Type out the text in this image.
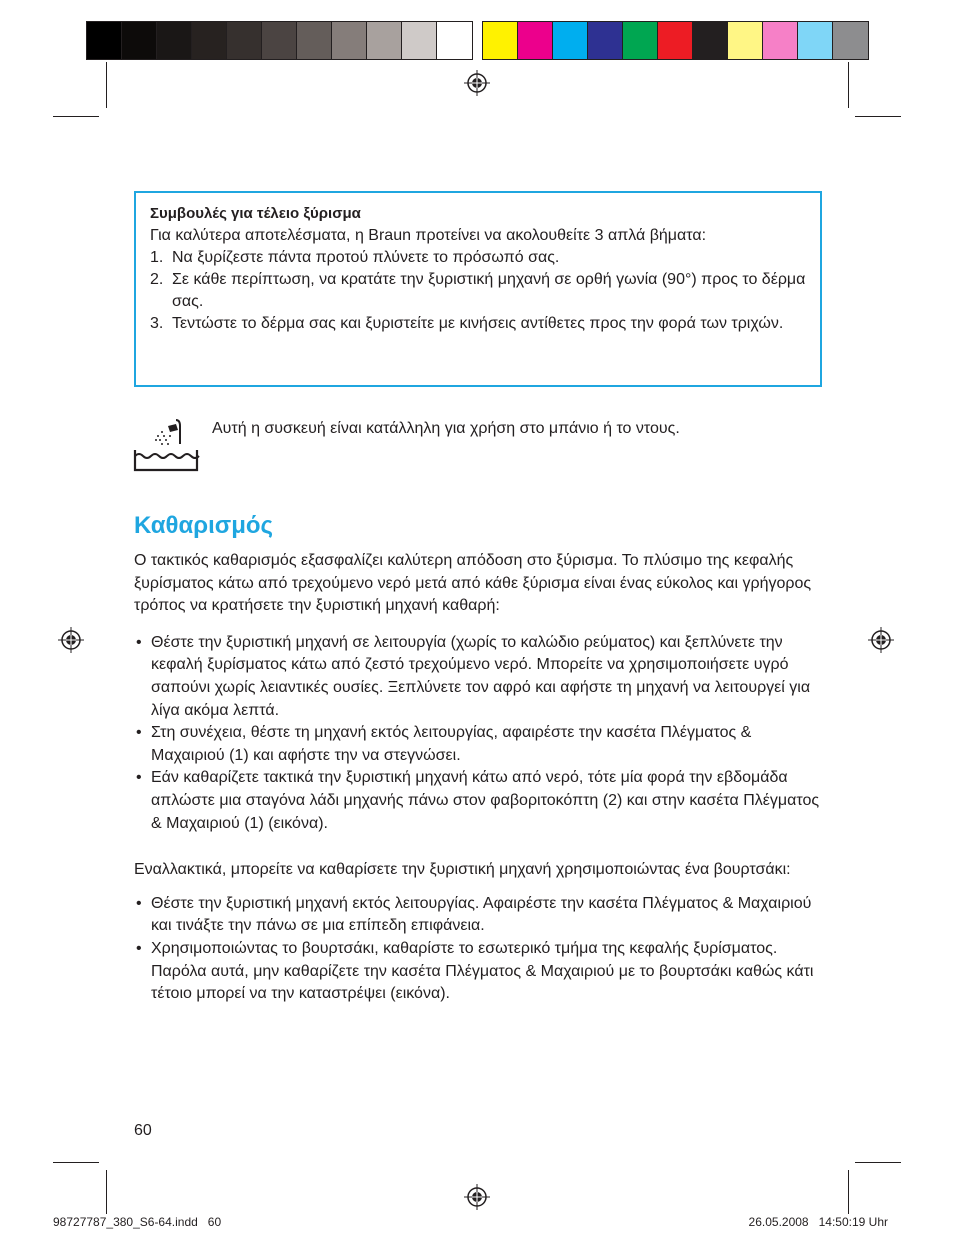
Συμβουλές για τέλειο ξύρισμα
Για καλύτερα αποτελέσματα, η Braun προτείνει να ακολουθείτε 3 απλά βήματα:
1. Να ξυρίζεστε πάντα προτού πλύνετε το πρόσωπό σας.
2. Σε κάθε περίπτωση, να κρατάτε την ξυριστική μηχανή σε ορθή γωνία (90°) προς το δέρμα σας.
3. Τεντώστε το δέρμα σας και ξυριστείτε με κινήσεις αντίθετες προς την φορά των τριχών.
Αυτή η συσκευή είναι κατάλληλη για χρήση στο μπάνιο ή το ντους.
Καθαρισμός

Ο τακτικός καθαρισμός εξασφαλίζει καλύτερη απόδοση στο ξύρισμα. Το πλύσιμο της κεφαλής ξυρίσματος κάτω από τρεχούμενο νερό μετά από κάθε ξύρισμα είναι ένας εύκολος και γρήγορος τρόπος να κρατήσετε την ξυριστική μηχανή καθαρή:

• Θέστε την ξυριστική μηχανή σε λειτουργία (χωρίς το καλώδιο ρεύματος) και ξεπλύνετε την κεφαλή ξυρίσματος κάτω από ζεστό τρεχούμενο νερό. Μπορείτε να χρησιμοποιήσετε υγρό σαπούνι χωρίς λειαντικές ουσίες. Ξεπλύνετε τον αφρό και αφήστε τη μηχανή να λειτουργεί για λίγα ακόμα λεπτά.
• Στη συνέχεια, θέστε τη μηχανή εκτός λειτουργίας, αφαιρέστε την κασέτα Πλέγματος & Μαχαιριού (1) και αφήστε την να στεγνώσει.
• Εάν καθαρίζετε τακτικά την ξυριστική μηχανή κάτω από νερό, τότε μία φορά την εβδομάδα απλώστε μια σταγόνα λάδι μηχανής πάνω στον φαβοριτοκόπτη (2) και στην κασέτα Πλέγματος & Μαχαιριού (1) (εικόνα).

Εναλλακτικά, μπορείτε να καθαρίσετε την ξυριστική μηχανή χρησιμοποιώντας ένα βουρτσάκι:

• Θέστε την ξυριστική μηχανή εκτός λειτουργίας. Αφαιρέστε την κασέτα Πλέγματος & Μαχαιριού και τινάξτε την πάνω σε μια επίπεδη επιφάνεια.
• Χρησιμοποιώντας το βουρτσάκι, καθαρίστε το εσωτερικό τμήμα της κεφαλής ξυρίσματος. Παρόλα αυτά, μην καθαρίζετε την κασέτα Πλέγματος & Μαχαιριού με το βουρτσάκι καθώς κάτι τέτοιο μπορεί να την καταστρέψει (εικόνα).
60
98727787_380_S6-64.indd   60	26.05.2008   14:50:19 Uhr
